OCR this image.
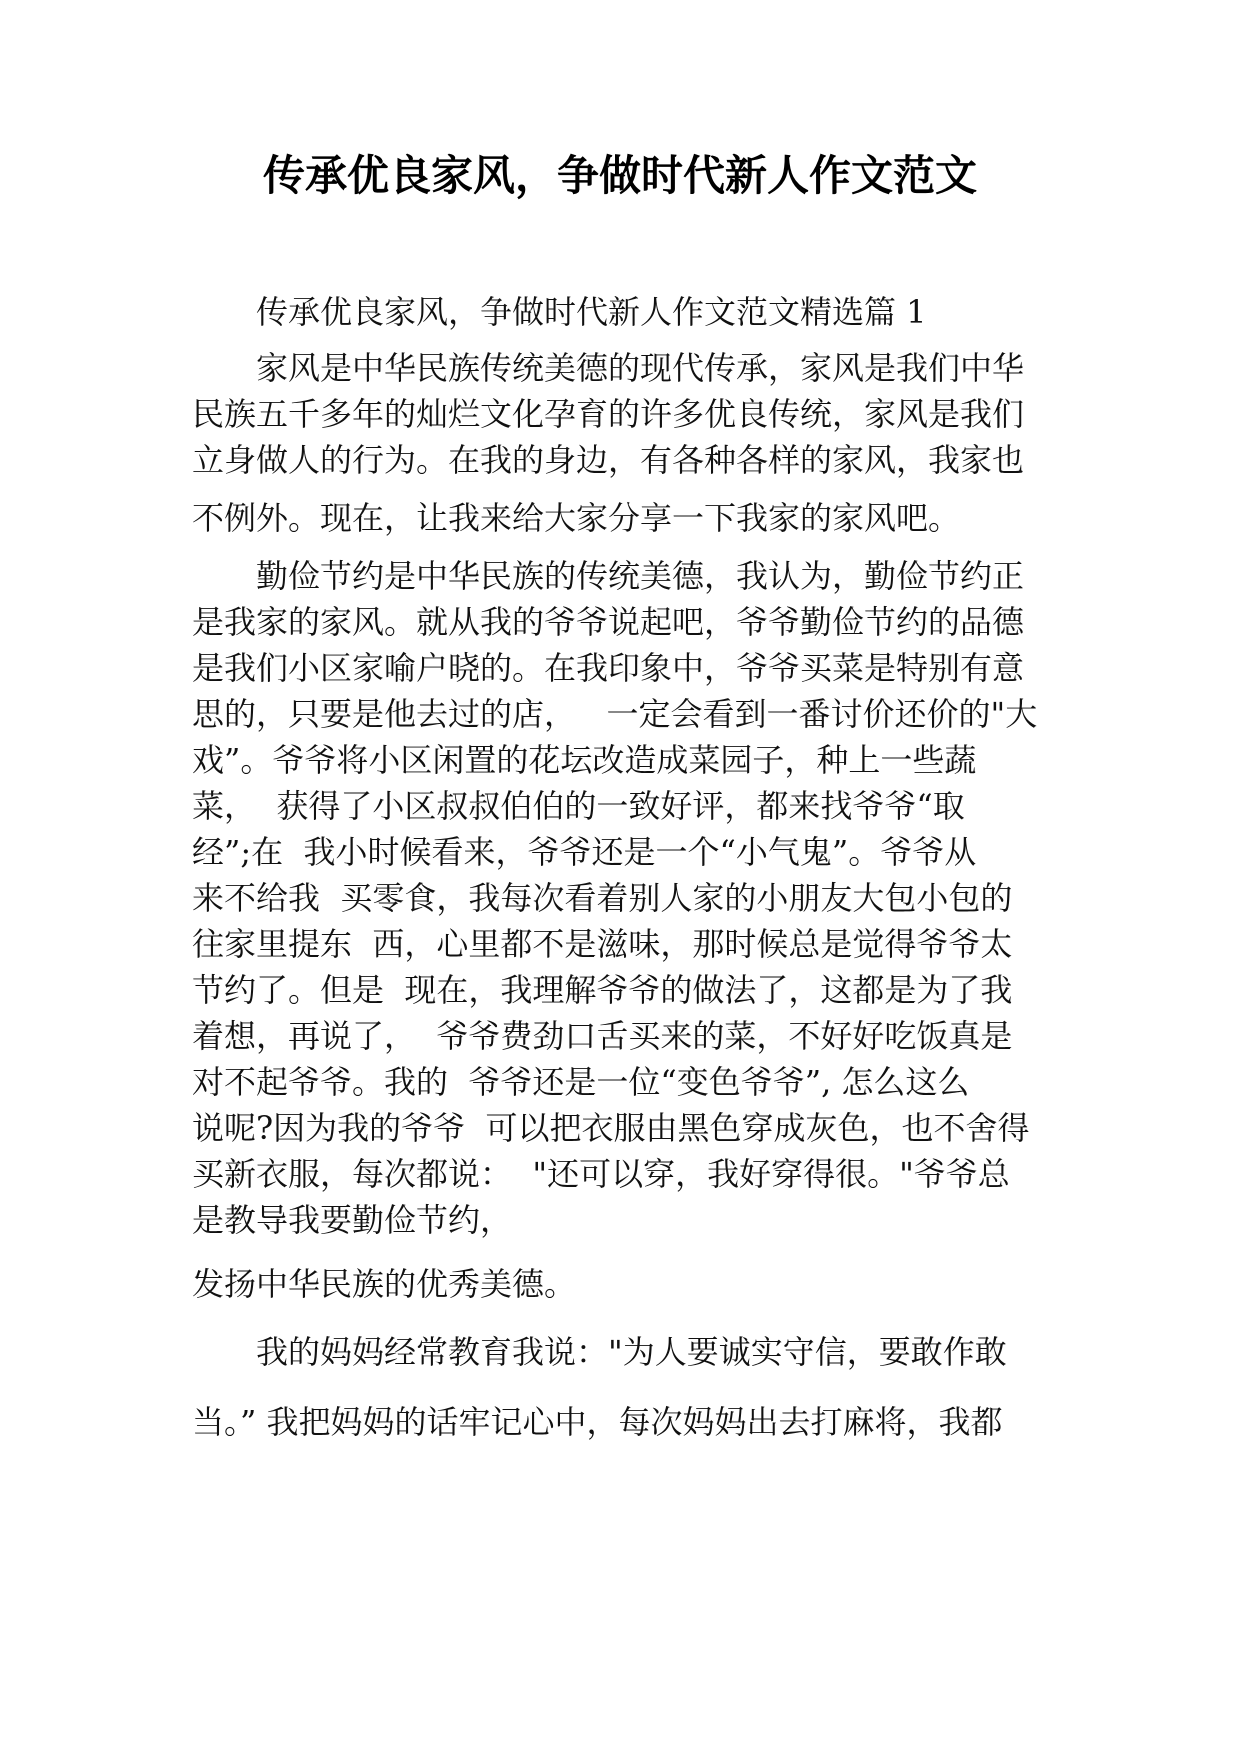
传承优良家风，争做时代新人作文范文
传承优良家风，争做时代新人作文范文精选篇 1
家风是中华民族传统美德的现代传承，家风是我们中华
民族五千多年的灿烂文化孕育的许多优良传统，家风是我们
立身做人的行为。在我的身边，有各种各样的家风，我家也
不例外。现在，让我来给大家分享一下我家的家风吧。
勤俭节约是中华民族的传统美德，我认为，勤俭节约正
是我家的家风。就从我的爷爷说起吧，爷爷勤俭节约的品德
是我们小区家喻户晓的。在我印象中，爷爷买菜是特别有意
思的，只要是他去过的店，   一定会看到一番讨价还价的"大
戏”。爷爷将小区闲置的花坛改造成菜园子，种上一些蔬
菜，  获得了小区叔叔伯伯的一致好评，都来找爷爷“取
经”;在  我小时候看来，爷爷还是一个“小气鬼”。爷爷从
来不给我  买零食，我每次看着别人家的小朋友大包小包的
往家里提东  西，心里都不是滋味，那时候总是觉得爷爷太
节约了。但是  现在，我理解爷爷的做法了，这都是为了我
着想，再说了，  爷爷费劲口舌买来的菜，不好好吃饭真是
对不起爷爷。我的  爷爷还是一位“变色爷爷”, 怎么这么
说呢?因为我的爷爷  可以把衣服由黑色穿成灰色，也不舍得
买新衣服，每次都说：  "还可以穿，我好穿得很。"爷爷总
是教导我要勤俭节约，
发扬中华民族的优秀美德。
我的妈妈经常教育我说："为人要诚实守信，要敢作敢
当。” 我把妈妈的话牢记心中，每次妈妈出去打麻将，我都
